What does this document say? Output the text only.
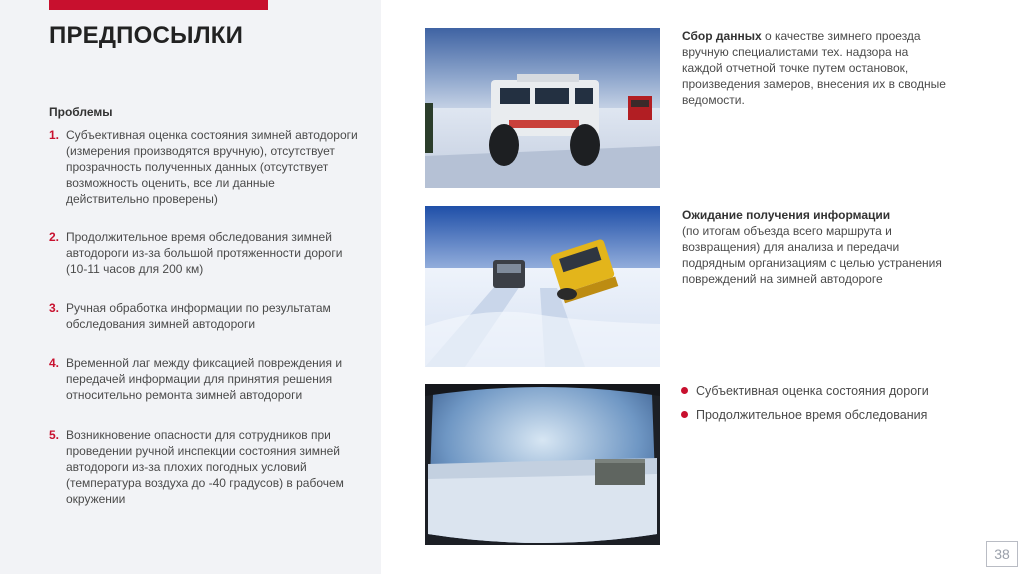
ПРЕДПОСЫЛКИ
Проблемы
1. Субъективная оценка состояния зимней автодороги (измерения производятся вручную), отсутствует прозрачность полученных данных (отсутствует возможность оценить, все ли данные действительно проверены)
2. Продолжительное время обследования зимней автодороги из-за большой протяженности дороги (10-11 часов для 200 км)
3. Ручная обработка информации по результатам обследования зимней автодороги
4. Временной лаг между фиксацией повреждения и передачей информации для принятия решения относительно ремонта зимней автодороги
5. Возникновение опасности для сотрудников при проведении ручной инспекции состояния зимней автодороги из-за плохих погодных условий (температура воздуха до -40 градусов) в рабочем окружении
Сбор данных о качестве зимнего проезда вручную специалистами тех. надзора на каждой отчетной точке путем остановок, произведения замеров, внесения их в сводные ведомости.
Ожидание получения информации
(по итогам объезда всего маршрута и возвращения) для анализа и передачи подрядным организациям с целью устранения повреждений на зимней автодороге
Субъективная оценка состояния дороги
Продолжительное время обследования
38
